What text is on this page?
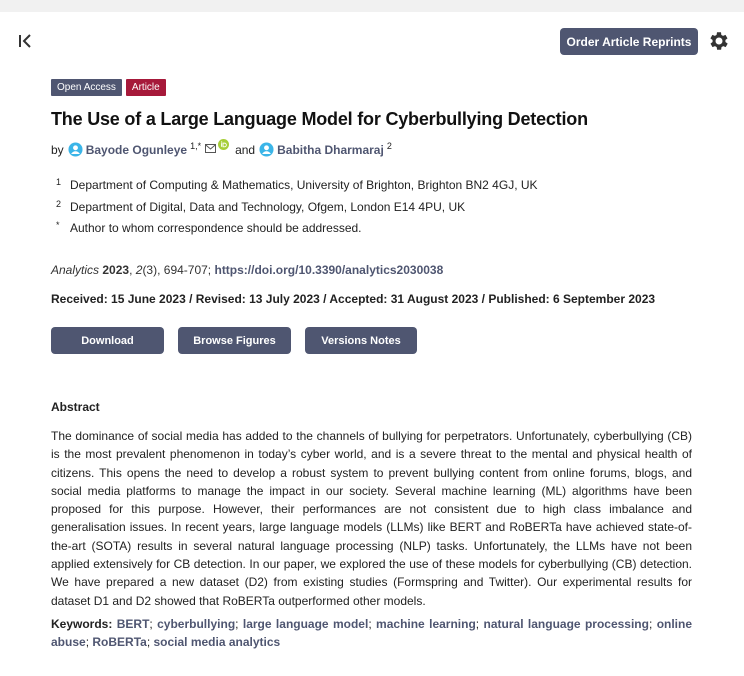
Order Article Reprints
Open Access	Article
The Use of a Large Language Model for Cyberbullying Detection
by Bayode Ogunleye 1,*	and Babitha Dharmaraj 2
1 Department of Computing & Mathematics, University of Brighton, Brighton BN2 4GJ, UK
2 Department of Digital, Data and Technology, Ofgem, London E14 4PU, UK
* Author to whom correspondence should be addressed.
Analytics 2023, 2(3), 694-707; https://doi.org/10.3390/analytics2030038
Received: 15 June 2023 / Revised: 13 July 2023 / Accepted: 31 August 2023 / Published: 6 September 2023
Download	Browse Figures	Versions Notes
Abstract

The dominance of social media has added to the channels of bullying for perpetrators. Unfortunately, cyberbullying (CB) is the most prevalent phenomenon in today’s cyber world, and is a severe threat to the mental and physical health of citizens. This opens the need to develop a robust system to prevent bullying content from online forums, blogs, and social media platforms to manage the impact in our society. Several machine learning (ML) algorithms have been proposed for this purpose. However, their performances are not consistent due to high class imbalance and generalisation issues. In recent years, large language models (LLMs) like BERT and RoBERTa have achieved state-of-the-art (SOTA) results in several natural language processing (NLP) tasks. Unfortunately, the LLMs have not been applied extensively for CB detection. In our paper, we explored the use of these models for cyberbullying (CB) detection. We have prepared a new dataset (D2) from existing studies (Formspring and Twitter). Our experimental results for dataset D1 and D2 showed that RoBERTa outperformed other models.

Keywords: BERT; cyberbullying; large language model; machine learning; natural language processing; online abuse; RoBERTa; social media analytics
